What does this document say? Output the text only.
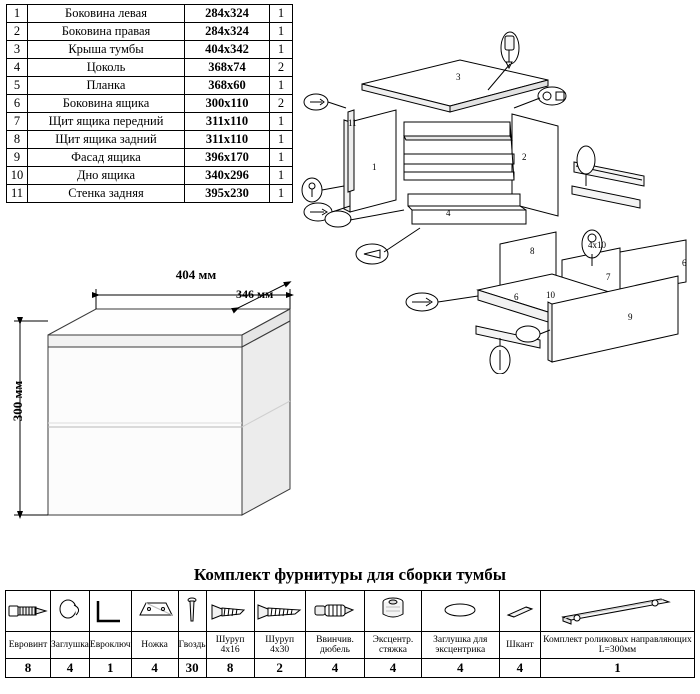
1	Боковина левая	284х324	1
2	Боковина правая	284х324	1
3	Крыша тумбы	404х342	1
4	Цоколь	368х74	2
5	Планка	368х60	1
6	Боковина ящика	300х110	2
7	Щит ящика передний	311х110	1
8	Щит ящика задний	311х110	1
9	Фасад ящика	396х170	1
10	Дно ящика	340х296	1
11	Стенка задняя	395х230	1
3
1
2
11
4
8
6
7
6	10
9
4х10
404 мм
346 мм
300 мм
Комплект фурнитуры для сборки тумбы

Евровинт	Заглушка	Евроключ	Ножка	Гвоздь	Шуруп 4х16	Шуруп 4х30	Ввинчив. дюбель	Эксцентр. стяжка	Заглушка для эксцентрика	Шкант	Комплект роликовых направляющих L=300мм
8	4	1	4	30	8	2	4	4	4	4	1
